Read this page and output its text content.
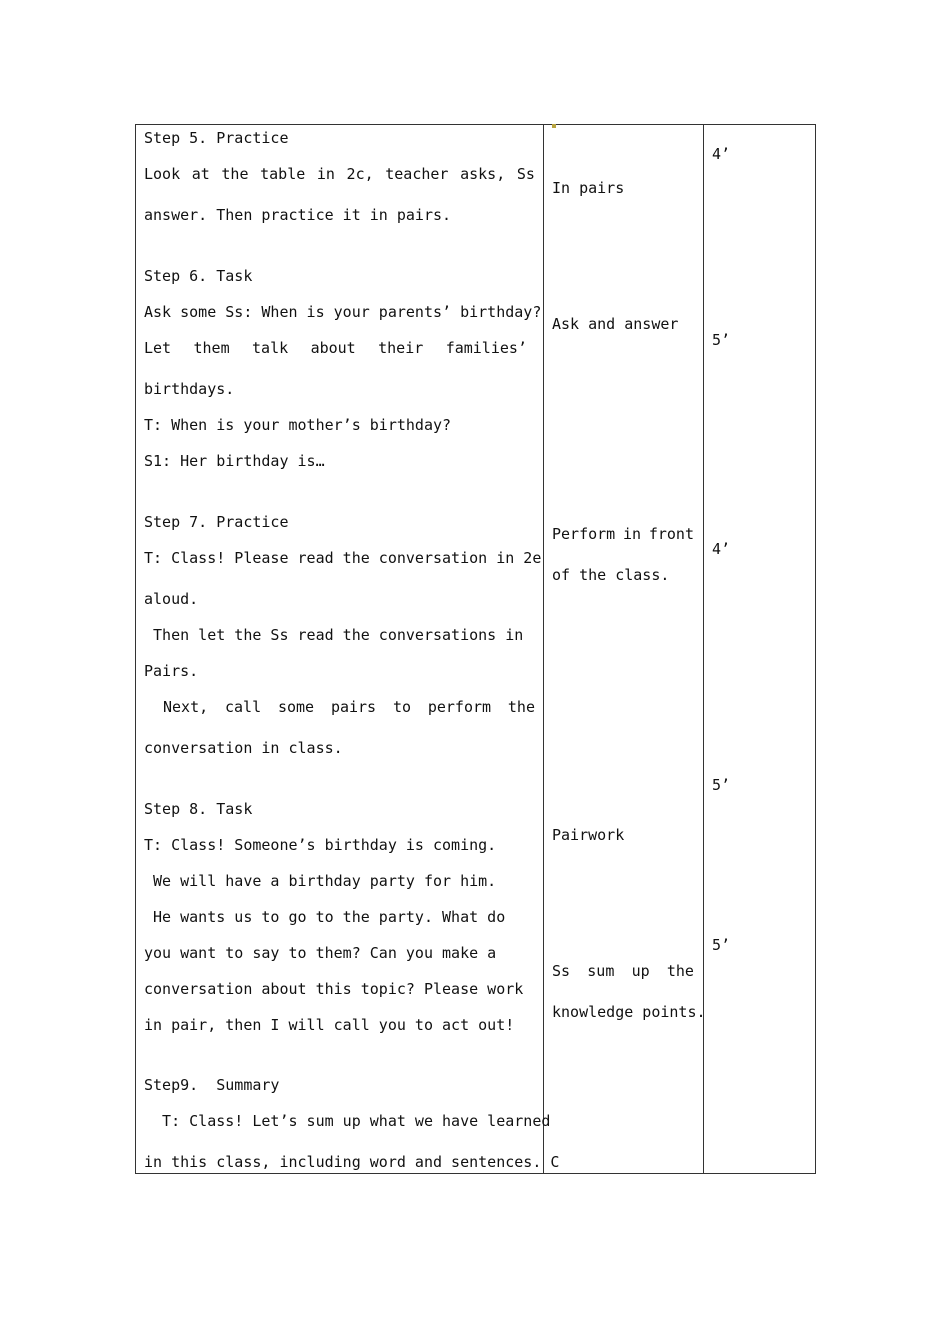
Step 5. Practice
Look at the table in 2c, teacher asks, Ss
answer. Then practice it in pairs.
Step 6. Task
Ask some Ss: When is your parents’ birthday?
Let them talk about their families’
birthdays.
T: When is your mother’s birthday?
S1: Her birthday is…
Step 7. Practice
T: Class! Please read the conversation in 2e
aloud.
Then let the Ss read the conversations in
Pairs.
Next, call some pairs to perform the
conversation in class.
Step 8. Task
T: Class! Someone’s birthday is coming.
We will have a birthday party for him.
He wants us to go to the party. What do
you want to say to them? Can you make a
conversation about this topic? Please work
in pair, then I will call you to act out!
Step9.  Summary
T: Class! Let’s sum up what we have learned
in this class, including word and sentences. C
In pairs
Ask and answer
Perform in front
of the class.
Pairwork
Ss sum up the
knowledge points.
4’
5’
4’
5’
5’
